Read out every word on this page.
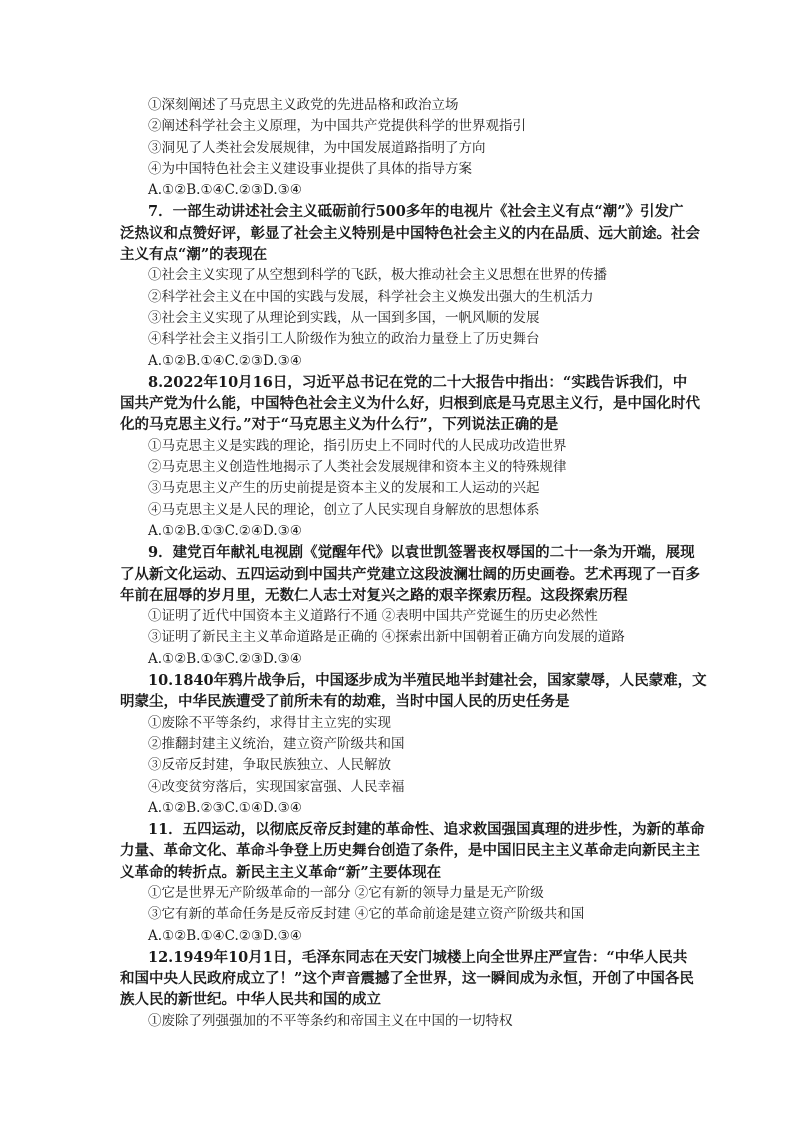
①深刻阐述了马克思主义政党的先进品格和政治立场
②阐述科学社会主义原理，为中国共产党提供科学的世界观指引
③洞见了人类社会发展规律，为中国发展道路指明了方向
④为中国特色社会主义建设事业提供了具体的指导方案
A.①②B.①④C.②③D.③④
7．一部生动讲述社会主义砥砺前行500多年的电视片《社会主义有点“潮”》引发广
泛热议和点赞好评，彰显了社会主义特别是中国特色社会主义的内在品质、远大前途。社会
主义有点“潮”的表现在
①社会主义实现了从空想到科学的飞跃，极大推动社会主义思想在世界的传播
②科学社会主义在中国的实践与发展，科学社会主义焕发出强大的生机活力
③社会主义实现了从理论到实践，从一国到多国，一帆风顺的发展
④科学社会主义指引工人阶级作为独立的政治力量登上了历史舞台
A.①②B.①④C.②③D.③④
8.2022年10月16日，习近平总书记在党的二十大报告中指出：“实践告诉我们，中
国共产党为什么能，中国特色社会主义为什么好，归根到底是马克思主义行，是中国化时代
化的马克思主义行。”对于“马克思主义为什么行”，下列说法正确的是
①马克思主义是实践的理论，指引历史上不同时代的人民成功改造世界
②马克思主义创造性地揭示了人类社会发展规律和资本主义的特殊规律
③马克思主义产生的历史前提是资本主义的发展和工人运动的兴起
④马克思主义是人民的理论，创立了人民实现自身解放的思想体系
A.①②B.①③C.②④D.③④
9．建党百年献礼电视剧《觉醒年代》以袁世凯签署丧权辱国的二十一条为开端，展现
了从新文化运动、五四运动到中国共产党建立这段波澜壮阔的历史画卷。艺术再现了一百多
年前在屈辱的岁月里，无数仁人志士对复兴之路的艰辛探索历程。这段探索历程
①证明了近代中国资本主义道路行不通 ②表明中国共产党诞生的历史必然性
③证明了新民主主义革命道路是正确的 ④探索出新中国朝着正确方向发展的道路
A.①②B.①③C.②③D.③④
10.1840年鸦片战争后，中国逐步成为半殖民地半封建社会，国家蒙辱，人民蒙难，文
明蒙尘，中华民族遭受了前所未有的劫难，当时中国人民的历史任务是
①废除不平等条约，求得甘主立宪的实现
②推翻封建主义统治，建立资产阶级共和国
③反帝反封建，争取民族独立、人民解放
④改变贫穷落后，实现国家富强、人民幸福
A.①②B.②③C.①④D.③④
11．五四运动，以彻底反帝反封建的革命性、追求救国强国真理的进步性，为新的革命
力量、革命文化、革命斗争登上历史舞台创造了条件，是中国旧民主主义革命走向新民主主
义革命的转折点。新民主主义革命“新”主要体现在
①它是世界无产阶级革命的一部分 ②它有新的领导力量是无产阶级
③它有新的革命任务是反帝反封建 ④它的革命前途是建立资产阶级共和国
A.①②B.①④C.②③D.③④
12.1949年10月1日，毛泽东同志在天安门城楼上向全世界庄严宣告：“中华人民共
和国中央人民政府成立了！”这个声音震撼了全世界，这一瞬间成为永恒，开创了中国各民
族人民的新世纪。中华人民共和国的成立
①废除了列强强加的不平等条约和帝国主义在中国的一切特权
